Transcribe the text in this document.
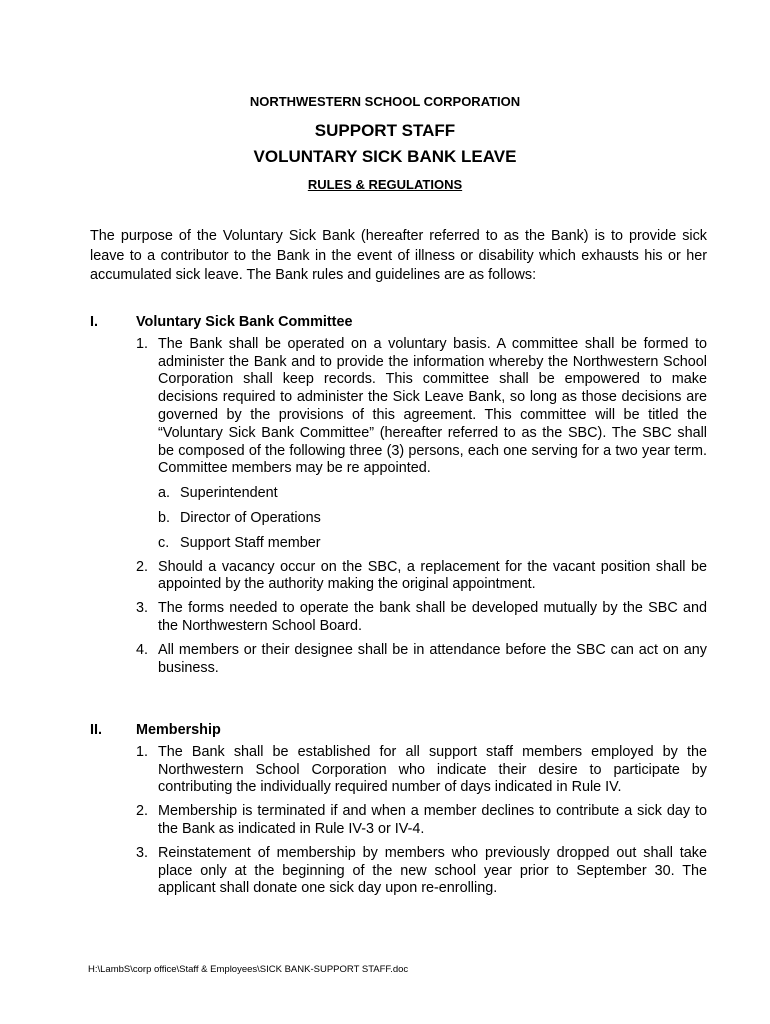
NORTHWESTERN SCHOOL CORPORATION
SUPPORT STAFF
VOLUNTARY SICK BANK LEAVE
RULES & REGULATIONS
The purpose of the Voluntary Sick Bank (hereafter referred to as the Bank) is to provide sick leave to a contributor to the Bank in the event of illness or disability which exhausts his or her accumulated sick leave. The Bank rules and guidelines are as follows:
I.	Voluntary Sick Bank Committee
1. The Bank shall be operated on a voluntary basis. A committee shall be formed to administer the Bank and to provide the information whereby the Northwestern School Corporation shall keep records. This committee shall be empowered to make decisions required to administer the Sick Leave Bank, so long as those decisions are governed by the provisions of this agreement. This committee will be titled the “Voluntary Sick Bank Committee” (hereafter referred to as the SBC). The SBC shall be composed of the following three (3) persons, each one serving for a two year term. Committee members may be re appointed.
a. Superintendent
b. Director of Operations
c. Support Staff member
2. Should a vacancy occur on the SBC, a replacement for the vacant position shall be appointed by the authority making the original appointment.
3. The forms needed to operate the bank shall be developed mutually by the SBC and the Northwestern School Board.
4. All members or their designee shall be in attendance before the SBC can act on any business.
II.	Membership
1. The Bank shall be established for all support staff members employed by the Northwestern School Corporation who indicate their desire to participate by contributing the individually required number of days indicated in Rule IV.
2. Membership is terminated if and when a member declines to contribute a sick day to the Bank as indicated in Rule IV-3 or IV-4.
3. Reinstatement of membership by members who previously dropped out shall take place only at the beginning of the new school year prior to September 30. The applicant shall donate one sick day upon re-enrolling.
H:\LambS\corp office\Staff & Employees\SICK BANK-SUPPORT STAFF.doc
